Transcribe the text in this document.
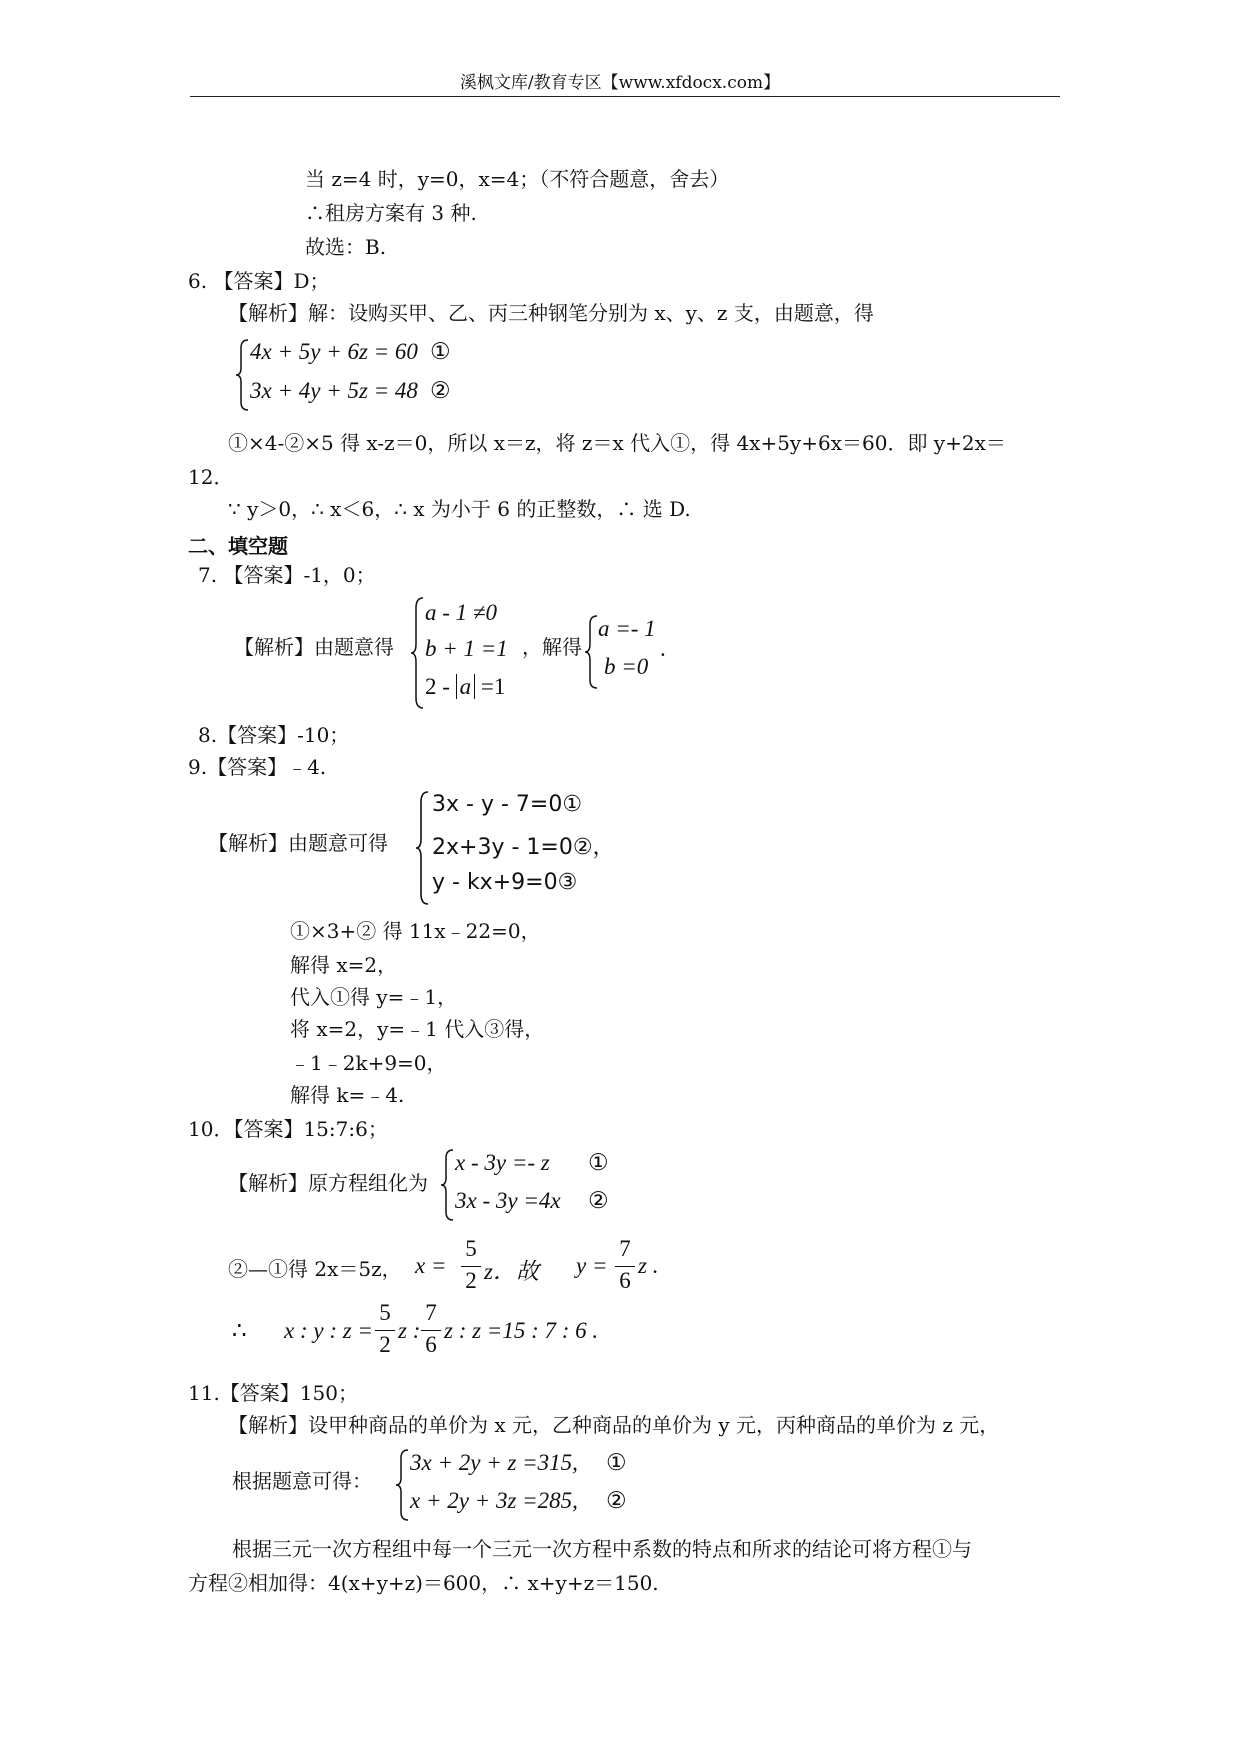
溪枫文库/教育专区【www.xfdocx.com】
当 z=4 时，y=0，x=4；（不符合题意，舍去）
∴租房方案有 3 种.
故选：B.
6. 【答案】D；
【解析】解：设购买甲、乙、丙三种钢笔分别为 x、y、z 支，由题意，得
4x + 5y + 6z = 60 ①
3x + 4y + 5z = 48 ②
①×4-②×5 得 x-z＝0，所以 x＝z，将 z＝x 代入①，得 4x+5y+6x＝60．即 y+2x＝
12．
∵ y＞0，∴ x＜6，∴ x 为小于 6 的正整数，∴ 选 D.
二、填空题
7. 【答案】-1，0；
【解析】由题意得
a - 1 ≠0
b + 1 =1
2 - a =1
，解得
a =- 1
b =0
.
8.【答案】-10；
9.【答案】﹣4.
【解析】由题意可得
3x - y - 7=0①
2x+3y - 1=0②，
y - kx+9=0③
①×3+② 得 11x﹣22=0，
解得 x=2，
代入①得 y=﹣1，
将 x=2，y=﹣1 代入③得，
﹣1﹣2k+9=0，
解得 k=﹣4.
10．【答案】15:7:6；
【解析】原方程组化为
x - 3y =- z ①
3x - 3y =4x ②
②—①得 2x＝5z， x =
5
2 z．故 y =
7
6
z .
∴ x : y : z =
5
2
z :
7
6
z : z =15 : 7 : 6 .
11.【答案】150；
【解析】设甲种商品的单价为 x 元，乙种商品的单价为 y 元，丙种商品的单价为 z 元，
根据题意可得：
3x + 2y + z =315, ①
x + 2y + 3z =285, ②
根据三元一次方程组中每一个三元一次方程中系数的特点和所求的结论可将方程①与
方程②相加得：4(x+y+z)＝600，∴ x+y+z＝150.
